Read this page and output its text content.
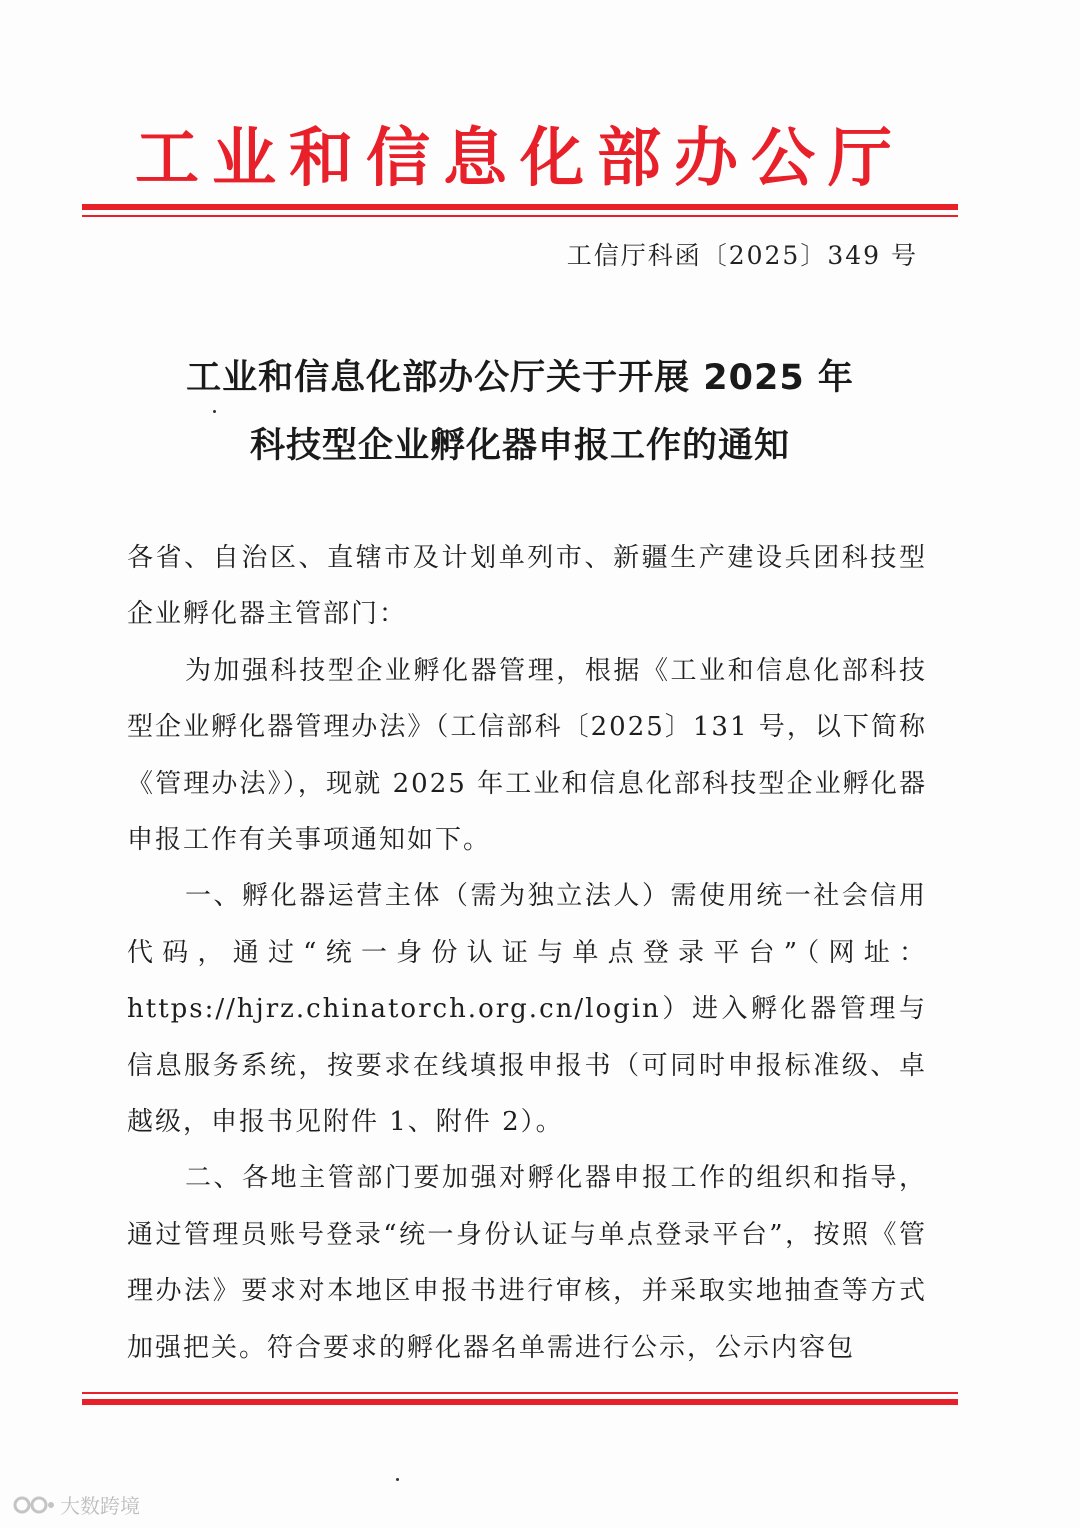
工业和信息化部办公厅
工信厅科函〔2025〕349 号
工业和信息化部办公厅关于开展 2025 年
科技型企业孵化器申报工作的通知

各省、自治区、直辖市及计划单列市、新疆生产建设兵团科技型企业孵化器主管部门：

为加强科技型企业孵化器管理，根据《工业和信息化部科技型企业孵化器管理办法》（工信部科〔2025〕131 号，以下简称《管理办法》），现就 2025 年工业和信息化部科技型企业孵化器申报工作有关事项通知如下。

一、孵化器运营主体（需为独立法人）需使用统一社会信用代码，通过“统一身份认证与单点登录平台”（网址：https://hjrz.chinatorch.org.cn/login）进入孵化器管理与信息服务系统，按要求在线填报申报书（可同时申报标准级、卓越级，申报书见附件 1、附件 2）。

二、各地主管部门要加强对孵化器申报工作的组织和指导，通过管理员账号登录“统一身份认证与单点登录平台”，按照《管理办法》要求对本地区申报书进行审核，并采取实地抽查等方式加强把关。符合要求的孵化器名单需进行公示，公示内容包

大数跨境
